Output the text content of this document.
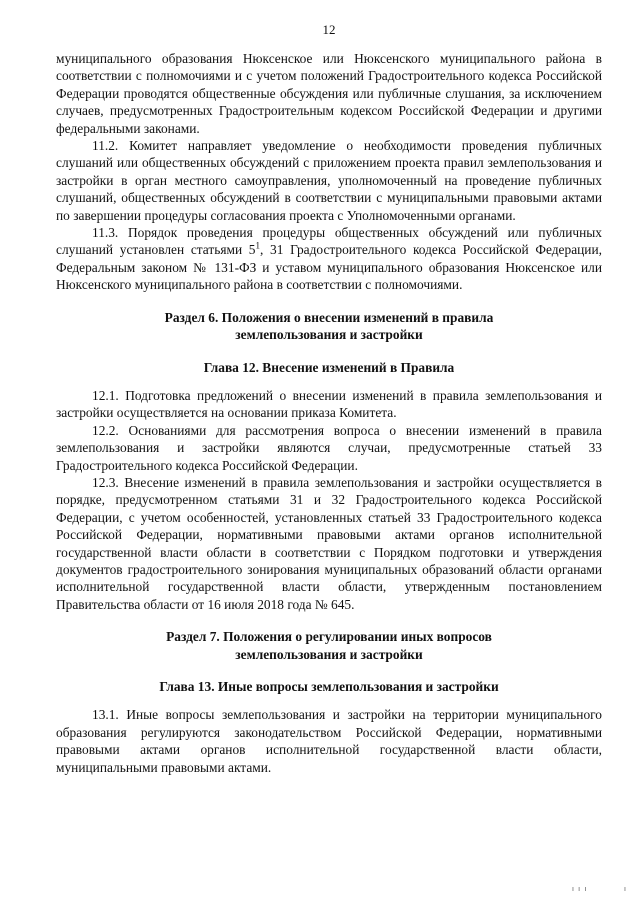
12

муниципального образования Нюксенское или Нюксенского муниципального района в соответствии с полномочиями и с учетом положений Градостроительного кодекса Российской Федерации проводятся общественные обсуждения или публичные слушания, за исключением случаев, предусмотренных Градостроительным кодексом Российской Федерации и другими федеральными законами.

11.2. Комитет направляет уведомление о необходимости проведения публичных слушаний или общественных обсуждений с приложением проекта правил землепользования и застройки в орган местного самоуправления, уполномоченный на проведение публичных слушаний, общественных обсуждений в соответствии с муниципальными правовыми актами по завершении процедуры согласования проекта с Уполномоченными органами.

11.3. Порядок проведения процедуры общественных обсуждений или публичных слушаний установлен статьями $5^1$, 31 Градостроительного кодекса Российской Федерации, Федеральным законом № 131-ФЗ и уставом муниципального образования Нюксенское или Нюксенского муниципального района в соответствии с полномочиями.

Раздел 6. Положения о внесении изменений в правила

землепользования и застройки

Глава 12. Внесение изменений в Правила

12.1. Подготовка предложений о внесении изменений в правила землепользования и застройки осуществляется на основании приказа Комитета.

12.2. Основаниями для рассмотрения вопроса о внесении изменений в правила землепользования и застройки являются случаи, предусмотренные статьей 33 Градостроительного кодекса Российской Федерации.

12.3. Внесение изменений в правила землепользования и застройки осуществляется в порядке, предусмотренном статьями 31 и 32 Градостроительного кодекса Российской Федерации, с учетом особенностей, установленных статьей 33 Градостроительного кодекса Российской Федерации, нормативными правовыми актами органов исполнительной государственной власти области в соответствии с Порядком подготовки и утверждения документов градостроительного зонирования муниципальных образований области органами исполнительной государственной власти области, утвержденным постановлением Правительства области от 16 июля 2018 года № 645.

Раздел 7. Положения о регулировании иных вопросов

землепользования и застройки

Глава 13. Иные вопросы землепользования и застройки

13.1. Иные вопросы землепользования и застройки на территории муниципального образования регулируются законодательством Российской Федерации, нормативными правовыми актами органов исполнительной государственной власти области, муниципальными правовыми актами.

ı ı ı	ı
